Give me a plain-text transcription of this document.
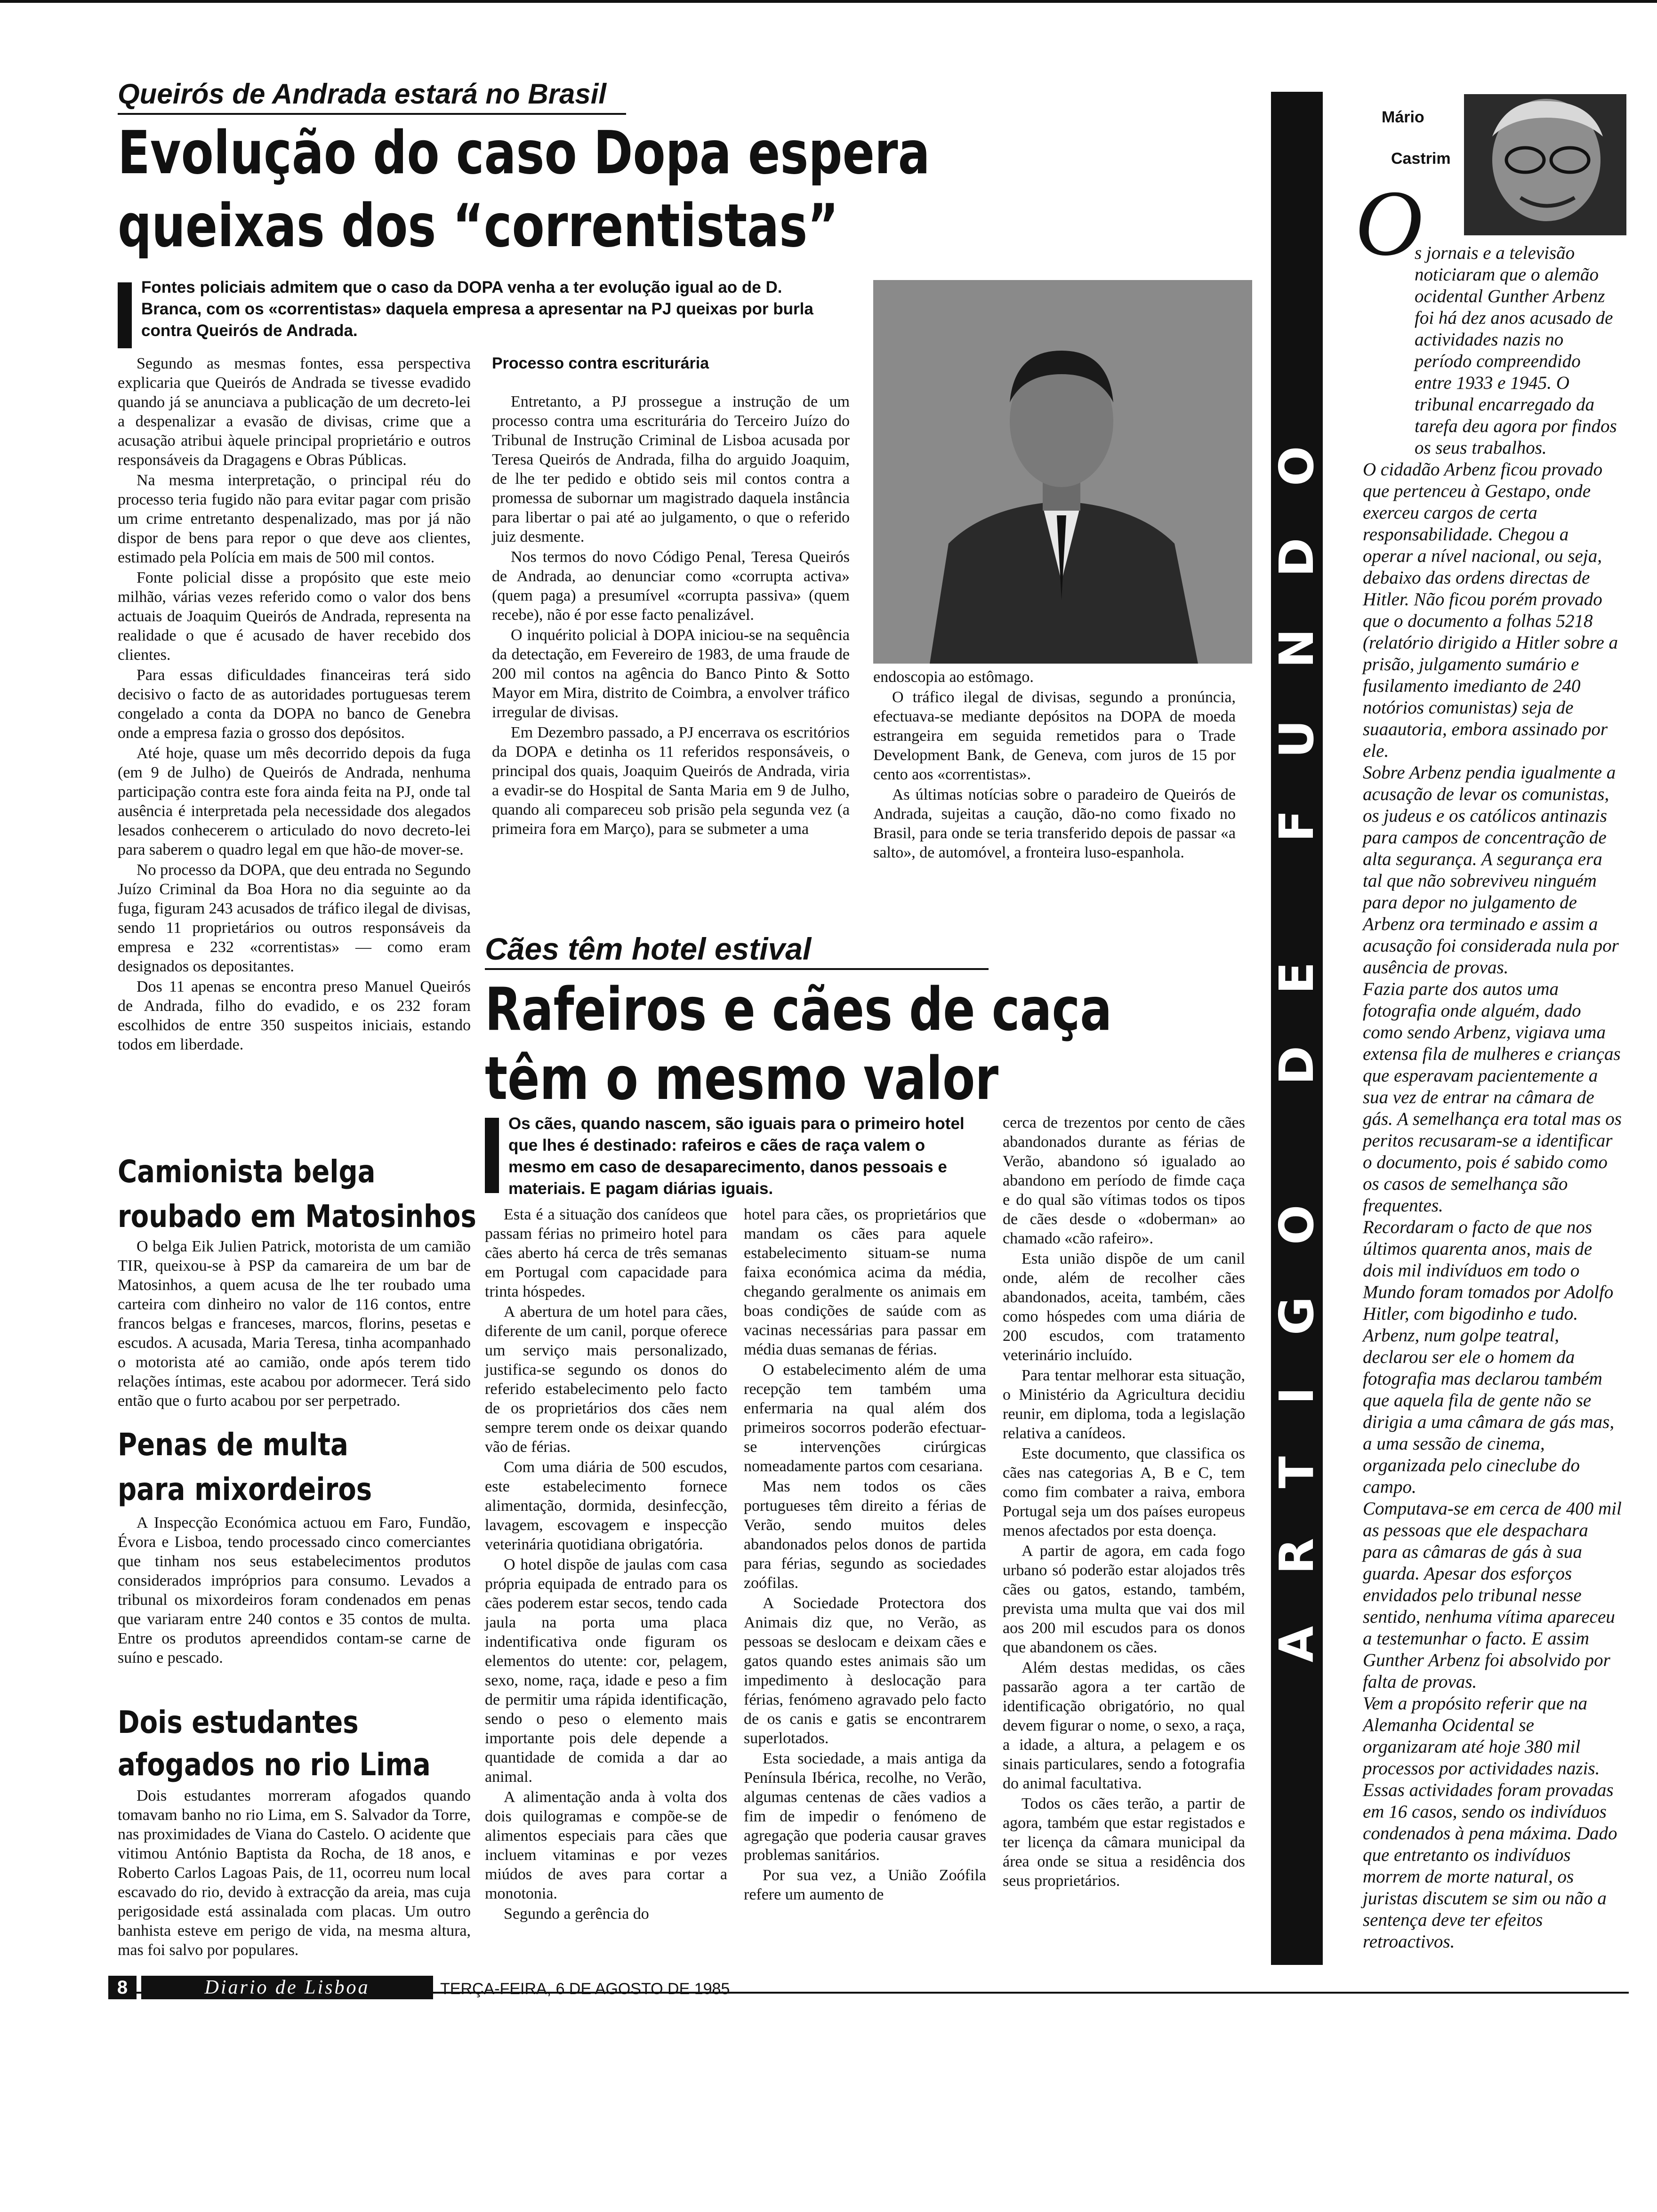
Queirós de Andrada estará no Brasil
Evolução do caso Dopa espera
queixas dos “correntistas”
Fontes policiais admitem que o caso da DOPA venha a ter evolução igual ao de D. Branca, com os «correntistas» daquela empresa a apresentar na PJ queixas por burla contra Queirós de Andrada.

Segundo as mesmas fontes, essa perspectiva explicaria que Queirós de Andrada se tivesse evadido quando já se anunciava a publicação de um decreto-lei a despenalizar a evasão de divisas, crime que a acusação atribui àquele principal proprietário e outros responsáveis da Dragagens e Obras Públicas.

Na mesma interpretação, o principal réu do processo teria fugido não para evitar pagar com prisão um crime entretanto despenalizado, mas por já não dispor de bens para repor o que deve aos clientes, estimado pela Polícia em mais de 500 mil contos.

Fonte policial disse a propósito que este meio milhão, várias vezes referido como o valor dos bens actuais de Joaquim Queirós de Andrada, representa na realidade o que é acusado de haver recebido dos clientes.

Para essas dificuldades financeiras terá sido decisivo o facto de as autoridades portuguesas terem congelado a conta da DOPA no banco de Genebra onde a empresa fazia o grosso dos depósitos.

Até hoje, quase um mês decorrido depois da fuga (em 9 de Julho) de Queirós de Andrada, nenhuma participação contra este fora ainda feita na PJ, onde tal ausência é interpretada pela necessidade dos alegados lesados conhecerem o articulado do novo decreto-lei para saberem o quadro legal em que hão-de mover-se.

No processo da DOPA, que deu entrada no Segundo Juízo Criminal da Boa Hora no dia seguinte ao da fuga, figuram 243 acusados de tráfico ilegal de divisas, sendo 11 proprietários ou outros responsáveis da empresa e 232 «correntistas» — como eram designados os depositantes.

Dos 11 apenas se encontra preso Manuel Queirós de Andrada, filho do evadido, e os 232 foram escolhidos de entre 350 suspeitos iniciais, estando todos em liberdade.

Processo contra escriturária

Entretanto, a PJ prossegue a instrução de um processo contra uma escriturária do Terceiro Juízo do Tribunal de Instrução Criminal de Lisboa acusada por Teresa Queirós de Andrada, filha do arguido Joaquim, de lhe ter pedido e obtido seis mil contos contra a promessa de subornar um magistrado daquela instância para libertar o pai até ao julgamento, o que o referido juiz desmente.

Nos termos do novo Código Penal, Teresa Queirós de Andrada, ao denunciar como «corrupta activa» (quem paga) a presumível «corrupta passiva» (quem recebe), não é por esse facto penalizável.

O inquérito policial à DOPA iniciou-se na sequência da detectação, em Fevereiro de 1983, de uma fraude de 200 mil contos na agência do Banco Pinto & Sotto Mayor em Mira, distrito de Coimbra, a envolver tráfico irregular de divisas.

Em Dezembro passado, a PJ encerrava os escritórios da DOPA e detinha os 11 referidos responsáveis, o principal dos quais, Joaquim Queirós de Andrada, viria a evadir-se do Hospital de Santa Maria em 9 de Julho, quando ali compareceu sob prisão pela segunda vez (a primeira fora em Março), para se submeter a uma

endoscopia ao estômago.

O tráfico ilegal de divisas, segundo a pronúncia, efectuava-se mediante depósitos na DOPA de moeda estrangeira em seguida remetidos para o Trade Development Bank, de Geneva, com juros de 15 por cento aos «correntistas».

As últimas notícias sobre o paradeiro de Queirós de Andrada, sujeitas a caução, dão-no como fixado no Brasil, para onde se teria transferido depois de passar «a salto», de automóvel, a fronteira luso-espanhola.

Camionista belga
roubado em Matosinhos

O belga Eik Julien Patrick, motorista de um camião TIR, queixou-se à PSP da camareira de um bar de Matosinhos, a quem acusa de lhe ter roubado uma carteira com dinheiro no valor de 116 contos, entre francos belgas e franceses, marcos, florins, pesetas e escudos. A acusada, Maria Teresa, tinha acompanhado o motorista até ao camião, onde após terem tido relações íntimas, este acabou por adormecer. Terá sido então que o furto acabou por ser perpetrado.

Penas de multa
para mixordeiros

A Inspecção Económica actuou em Faro, Fundão, Évora e Lisboa, tendo processado cinco comerciantes que tinham nos seus estabelecimentos produtos considerados impróprios para consumo. Levados a tribunal os mixordeiros foram condenados em penas que variaram entre 240 contos e 35 contos de multa. Entre os produtos apreendidos contam-se carne de suíno e pescado.

Dois estudantes
afogados no rio Lima

Dois estudantes morreram afogados quando tomavam banho no rio Lima, em S. Salvador da Torre, nas proximidades de Viana do Castelo. O acidente que vitimou António Baptista da Rocha, de 18 anos, e Roberto Carlos Lagoas Pais, de 11, ocorreu num local escavado do rio, devido à extracção da areia, mas cuja perigosidade está assinalada com placas. Um outro banhista esteve em perigo de vida, na mesma altura, mas foi salvo por populares.

Cães têm hotel estival
Rafeiros e cães de caça
têm o mesmo valor
Os cães, quando nascem, são iguais para o primeiro hotel que lhes é destinado: rafeiros e cães de raça valem o mesmo em caso de desaparecimento, danos pessoais e materiais. E pagam diárias iguais.

Esta é a situação dos canídeos que passam férias no primeiro hotel para cães aberto há cerca de três semanas em Portugal com capacidade para trinta hóspedes.

A abertura de um hotel para cães, diferente de um canil, porque oferece um serviço mais personalizado, justifica-se segundo os donos do referido estabelecimento pelo facto de os proprietários dos cães nem sempre terem onde os deixar quando vão de férias.

Com uma diária de 500 escudos, este estabelecimento fornece alimentação, dormida, desinfecção, lavagem, escovagem e inspecção veterinária quotidiana obrigatória.

O hotel dispõe de jaulas com casa própria equipada de entrado para os cães poderem estar secos, tendo cada jaula na porta uma placa indentificativa onde figuram os elementos do utente: cor, pelagem, sexo, nome, raça, idade e peso a fim de permitir uma rápida identificação, sendo o peso o elemento mais importante pois dele depende a quantidade de comida a dar ao animal.

A alimentação anda à volta dos dois quilogramas e compõe-se de alimentos especiais para cães que incluem vitaminas e por vezes miúdos de aves para cortar a monotonia.

Segundo a gerência do

hotel para cães, os proprietários que mandam os cães para aquele estabelecimento situam-se numa faixa económica acima da média, chegando geralmente os animais em boas condições de saúde com as vacinas necessárias para passar em média duas semanas de férias.

O estabelecimento além de uma recepção tem também uma enfermaria na qual além dos primeiros socorros poderão efectuar-se intervenções cirúrgicas nomeadamente partos com cesariana.

Mas nem todos os cães portugueses têm direito a férias de Verão, sendo muitos deles abandonados pelos donos de partida para férias, segundo as sociedades zoófilas.

A Sociedade Protectora dos Animais diz que, no Verão, as pessoas se deslocam e deixam cães e gatos quando estes animais são um impedimento à deslocação para férias, fenómeno agravado pelo facto de os canis e gatis se encontrarem superlotados.

Esta sociedade, a mais antiga da Península Ibérica, recolhe, no Verão, algumas centenas de cães vadios a fim de impedir o fenómeno de agregação que poderia causar graves problemas sanitários.

Por sua vez, a União Zoófila refere um aumento de

cerca de trezentos por cento de cães abandonados durante as férias de Verão, abandono só igualado ao abandono em período de fimde caça e do qual são vítimas todos os tipos de cães desde o «doberman» ao chamado «cão rafeiro».

Esta união dispõe de um canil onde, além de recolher cães abandonados, aceita, também, cães como hóspedes com uma diária de 200 escudos, com tratamento veterinário incluído.

Para tentar melhorar esta situação, o Ministério da Agricultura decidiu reunir, em diploma, toda a legislação relativa a canídeos.

Este documento, que classifica os cães nas categorias A, B e C, tem como fim combater a raiva, embora Portugal seja um dos países europeus menos afectados por esta doença.

A partir de agora, em cada fogo urbano só poderão estar alojados três cães ou gatos, estando, também, prevista uma multa que vai dos mil aos 200 mil escudos para os donos que abandonem os cães.

Além destas medidas, os cães passarão agora a ter cartão de identificação obrigatório, no qual devem figurar o nome, o sexo, a raça, a idade, a altura, a pelagem e os sinais particulares, sendo a fotografia do animal facultativa.

Todos os cães terão, a partir de agora, também que estar registados e ter licença da câmara municipal da área onde se situa a residência dos seus proprietários.

ARTIGO DE FUNDO
Mário
Castrim
O

s jornais e a televisão noticiaram que o alemão ocidental Gunther Arbenz foi há dez anos acusado de actividades nazis no período compreendido entre 1933 e 1945. O tribunal encarregado da tarefa deu agora por findos os seus trabalhos.

O cidadão Arbenz ficou provado que pertenceu à Gestapo, onde exerceu cargos de certa responsabilidade. Chegou a operar a nível nacional, ou seja, debaixo das ordens directas de Hitler. Não ficou porém provado que o documento a folhas 5218 (relatório dirigido a Hitler sobre a prisão, julgamento sumário e fusilamento imedianto de 240 notórios comunistas) seja de suaautoria, embora assinado por ele.

Sobre Arbenz pendia igualmente a acusação de levar os comunistas, os judeus e os católicos antinazis para campos de concentração de alta segurança. A segurança era tal que não sobreviveu ninguém para depor no julgamento de Arbenz ora terminado e assim a acusação foi considerada nula por ausência de provas.

Fazia parte dos autos uma fotografia onde alguém, dado como sendo Arbenz, vigiava uma extensa fila de mulheres e crianças que esperavam pacientemente a sua vez de entrar na câmara de gás. A semelhança era total mas os peritos recusaram-se a identificar o documento, pois é sabido como os casos de semelhança são frequentes.

Recordaram o facto de que nos últimos quarenta anos, mais de dois mil indivíduos em todo o Mundo foram tomados por Adolfo Hitler, com bigodinho e tudo.

Arbenz, num golpe teatral, declarou ser ele o homem da fotografia mas declarou também que aquela fila de gente não se dirigia a uma câmara de gás mas, a uma sessão de cinema, organizada pelo cineclube do campo.

Computava-se em cerca de 400 mil as pessoas que ele despachara para as câmaras de gás à sua guarda. Apesar dos esforços envidados pelo tribunal nesse sentido, nenhuma vítima apareceu a testemunhar o facto. E assim Gunther Arbenz foi absolvido por falta de provas.

Vem a propósito referir que na Alemanha Ocidental se organizaram até hoje 380 mil processos por actividades nazis. Essas actividades foram provadas em 16 casos, sendo os indivíduos condenados à pena máxima. Dado que entretanto os indivíduos morrem de morte natural, os juristas discutem se sim ou não a sentença deve ter efeitos retroactivos.

8	Diario de Lisboa	TERÇA-FEIRA, 6 DE AGOSTO DE 1985
